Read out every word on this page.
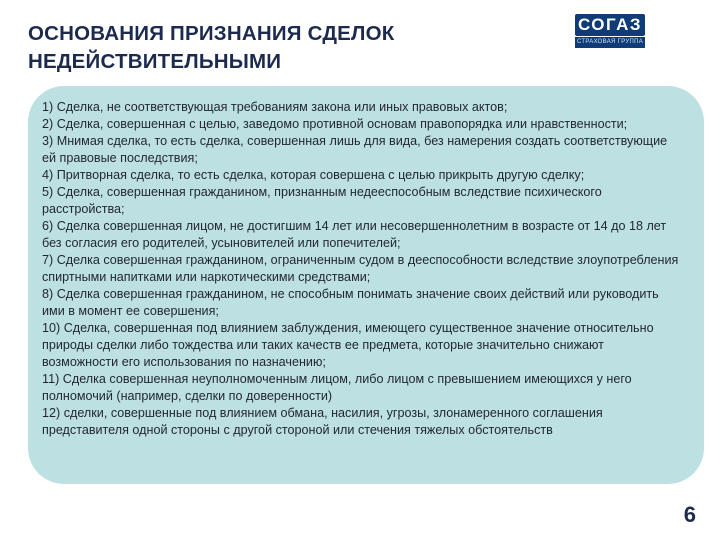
ОСНОВАНИЯ ПРИЗНАНИЯ СДЕЛОК
НЕДЕЙСТВИТЕЛЬНЫМИ
СОГАЗ
СТРАХОВАЯ ГРУППА

1) Сделка, не соответствующая требованиям закона или иных правовых актов;

2) Сделка, совершенная с целью, заведомо противной основам правопорядка или нравственности;

3) Мнимая сделка, то есть сделка, совершенная лишь для вида, без намерения создать соответствующие ей правовые последствия;

4) Притворная сделка, то есть сделка, которая совершена с целью прикрыть другую сделку;

5) Сделка, совершенная гражданином, признанным недееспособным вследствие психического расстройства;

6) Сделка совершенная лицом, не достигшим 14 лет или несовершеннолетним в возрасте от 14 до 18 лет без согласия его родителей, усыновителей или попечителей;

7) Сделка совершенная гражданином, ограниченным судом в дееспособности вследствие злоупотребления спиртными напитками или наркотическими средствами;

8) Сделка совершенная гражданином, не способным понимать значение своих действий или руководить ими в момент ее совершения;

10) Сделка, совершенная под влиянием заблуждения, имеющего существенное значение относительно природы сделки либо тождества или таких качеств ее предмета, которые значительно снижают возможности его использования по назначению;

11) Сделка совершенная неуполномоченным лицом, либо лицом с превышением имеющихся у него полномочий (например, сделки по доверенности)

12) сделки, совершенные под влиянием обмана, насилия, угрозы, злонамеренного соглашения представителя одной стороны с другой стороной или стечения тяжелых обстоятельств

6
